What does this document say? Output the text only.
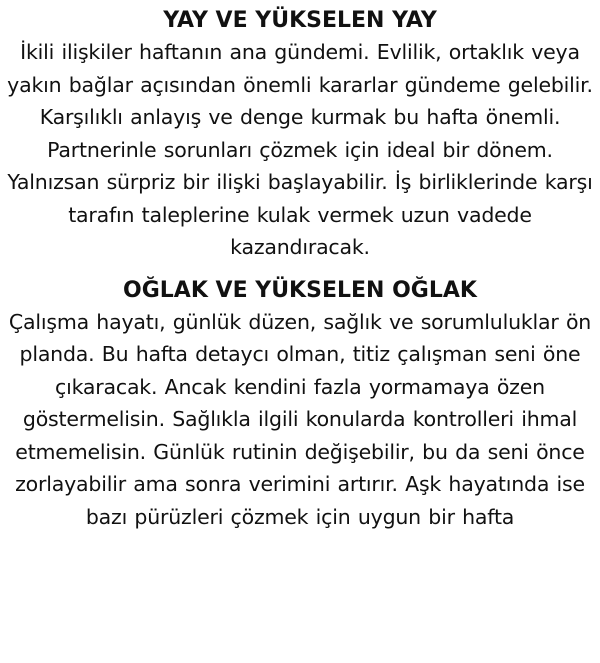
YAY VE YÜKSELEN YAY

İkili ilişkiler haftanın ana gündemi. Evlilik, ortaklık veya yakın bağlar açısından önemli kararlar gündeme gelebilir. Karşılıklı anlayış ve denge kurmak bu hafta önemli. Partnerinle sorunları çözmek için ideal bir dönem. Yalnızsan sürpriz bir ilişki başlayabilir. İş birliklerinde karşı tarafın taleplerine kulak vermek uzun vadede kazandıracak.

OĞLAK VE YÜKSELEN OĞLAK

Çalışma hayatı, günlük düzen, sağlık ve sorumluluklar ön planda. Bu hafta detaycı olman, titiz çalışman seni öne çıkaracak. Ancak kendini fazla yormamaya özen göstermelisin. Sağlıkla ilgili konularda kontrolleri ihmal etmemelisin. Günlük rutinin değişebilir, bu da seni önce zorlayabilir ama sonra verimini artırır. Aşk hayatında ise bazı pürüzleri çözmek için uygun bir hafta
